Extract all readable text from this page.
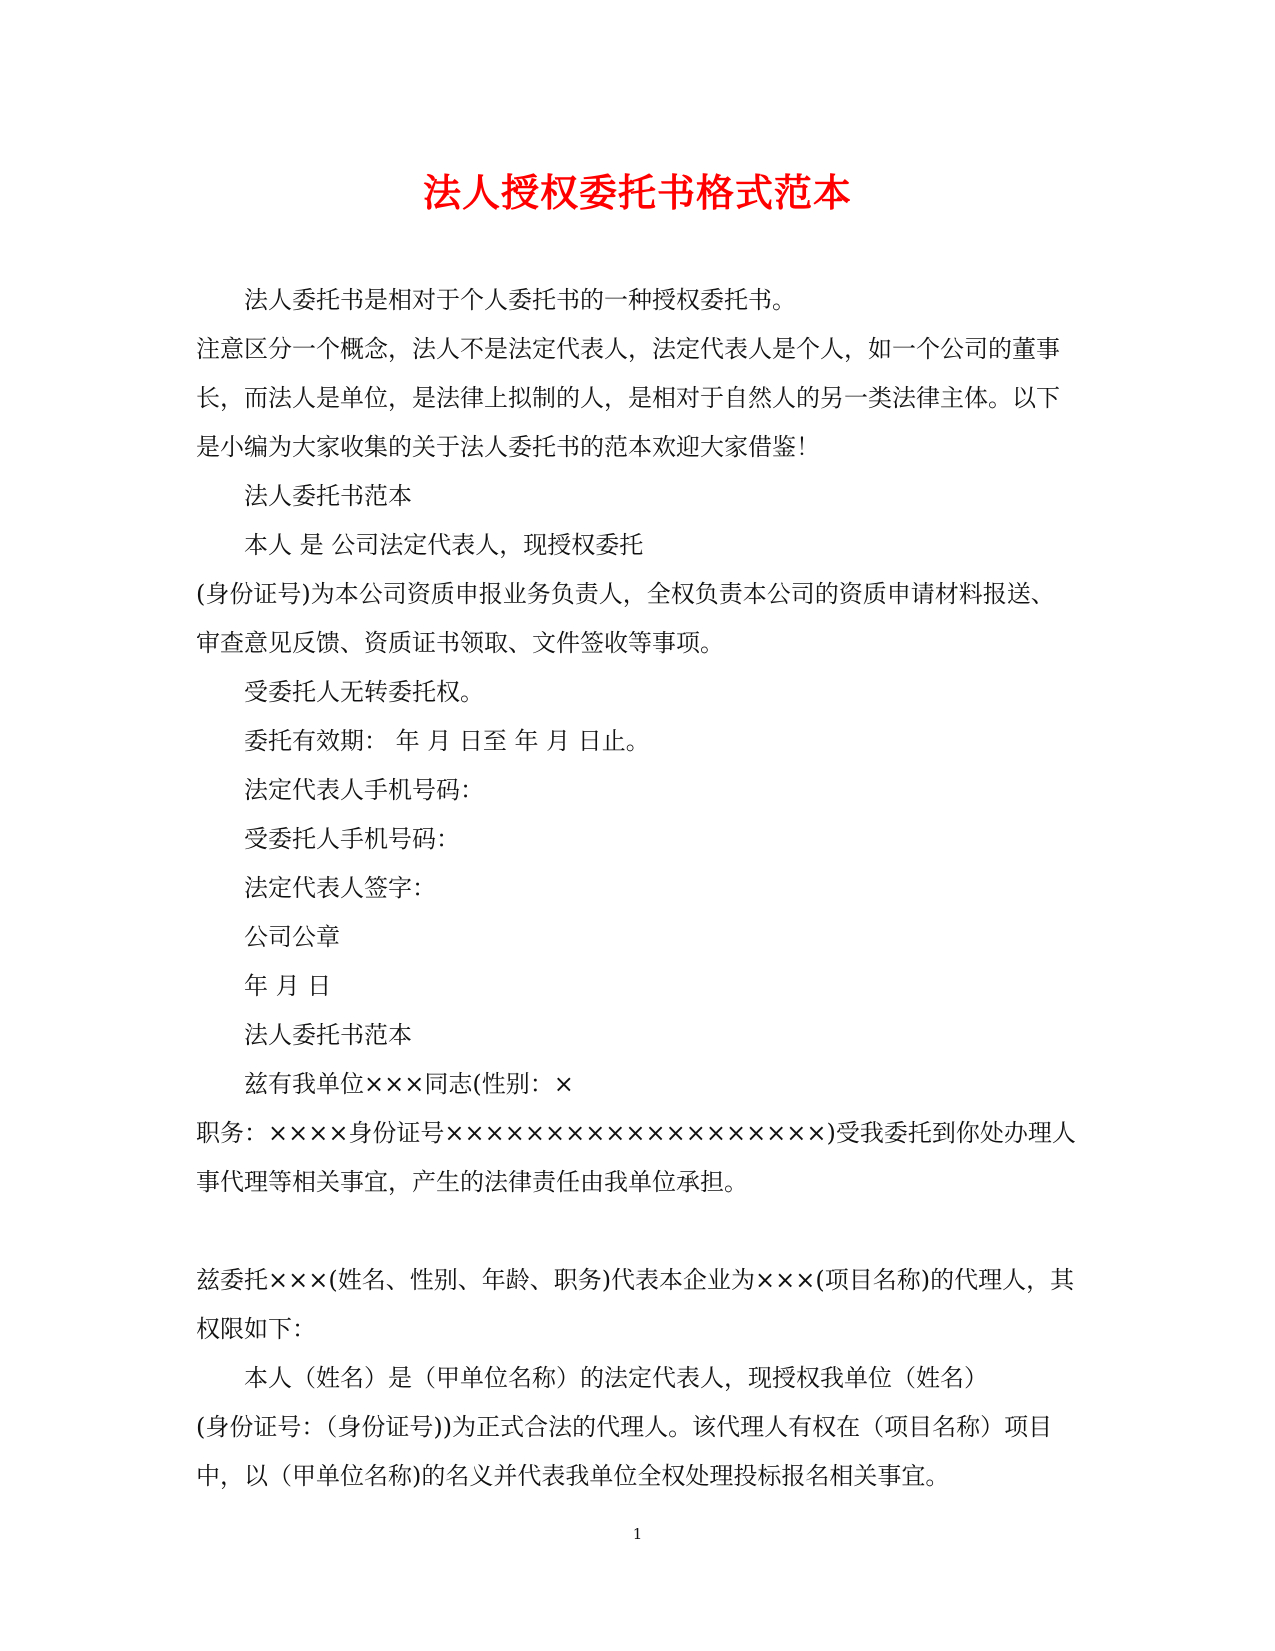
法人授权委托书格式范本

法人委托书是相对于个人委托书的一种授权委托书。

注意区分一个概念，法人不是法定代表人，法定代表人是个人，如一个公司的董事长，而法人是单位，是法律上拟制的人，是相对于自然人的另一类法律主体。以下是小编为大家收集的关于法人委托书的范本欢迎大家借鉴！

法人委托书范本

本人 是 公司法定代表人，现授权委托

(身份证号)为本公司资质申报业务负责人，全权负责本公司的资质申请材料报送、审查意见反馈、资质证书领取、文件签收等事项。

受委托人无转委托权。

委托有效期： 年 月 日至 年 月 日止。

法定代表人手机号码：

受委托人手机号码：

法定代表人签字：

公司公章

年 月 日

法人委托书范本

兹有我单位×××同志(性别：×

职务：××××身份证号×××××××××××××××××××)受我委托到你处办理人事代理等相关事宜，产生的法律责任由我单位承担。

兹委托×××(姓名、性别、年龄、职务)代表本企业为×××(项目名称)的代理人，其权限如下：

本人（姓名）是（甲单位名称）的法定代表人，现授权我单位（姓名）

(身份证号：（身份证号))为正式合法的代理人。该代理人有权在（项目名称）项目中，以（甲单位名称)的名义并代表我单位全权处理投标报名相关事宜。

1
